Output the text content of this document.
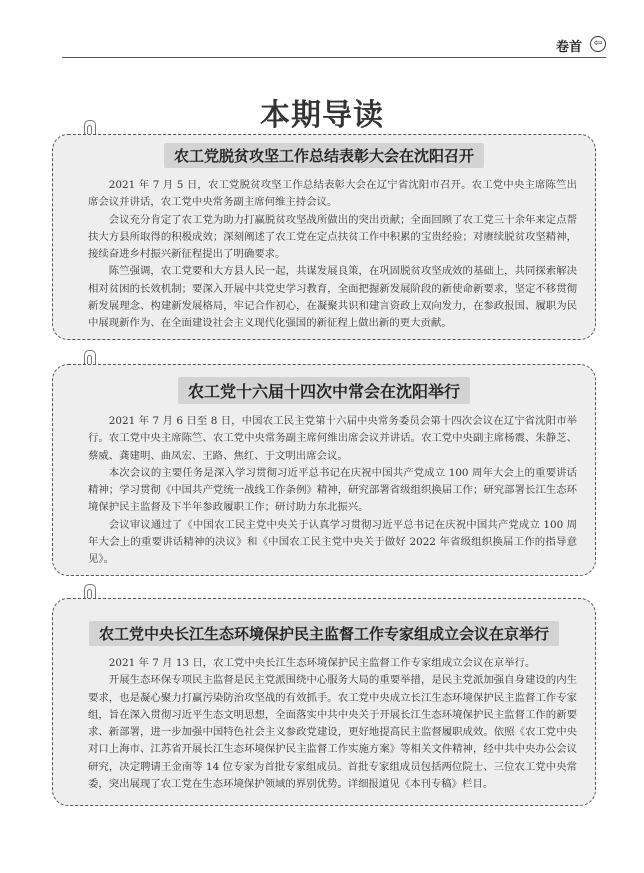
卷首	⇦
本期导读
农工党脱贫攻坚工作总结表彰大会在沈阳召开

2021 年 7 月 5 日，农工党脱贫攻坚工作总结表彰大会在辽宁省沈阳市召开。农工党中央主席陈竺出席会议并讲话，农工党中央常务副主席何维主持会议。

会议充分肯定了农工党为助力打赢脱贫攻坚战所做出的突出贡献；全面回顾了农工党三十余年来定点帮扶大方县所取得的积极成效；深刻阐述了农工党在定点扶贫工作中积累的宝贵经验；对赓续脱贫攻坚精神，接续奋进乡村振兴新征程提出了明确要求。

陈竺强调，农工党要和大方县人民一起，共谋发展良策，在巩固脱贫攻坚成效的基础上，共同探索解决相对贫困的长效机制；要深入开展中共党史学习教育，全面把握新发展阶段的新使命新要求，坚定不移贯彻新发展理念、构建新发展格局，牢记合作初心，在凝聚共识和建言资政上双向发力，在参政报国、履职为民中展现新作为、在全面建设社会主义现代化强国的新征程上做出新的更大贡献。

农工党十六届十四次中常会在沈阳举行

2021 年 7 月 6 日至 8 日，中国农工民主党第十六届中央常务委员会第十四次会议在辽宁省沈阳市举行。农工党中央主席陈竺、农工党中央常务副主席何维出席会议并讲话。农工党中央副主席杨震、朱静芝、蔡威、龚建明、曲凤宏、王路、焦红、于文明出席会议。

本次会议的主要任务是深入学习贯彻习近平总书记在庆祝中国共产党成立 100 周年大会上的重要讲话精神；学习贯彻《中国共产党统一战线工作条例》精神，研究部署省级组织换届工作；研究部署长江生态环境保护民主监督及下半年参政履职工作；研讨助力东北振兴。

会议审议通过了《中国农工民主党中央关于认真学习贯彻习近平总书记在庆祝中国共产党成立 100 周年大会上的重要讲话精神的决议》和《中国农工民主党中央关于做好 2022 年省级组织换届工作的指导意见》。

农工党中央长江生态环境保护民主监督工作专家组成立会议在京举行

2021 年 7 月 13 日，农工党中央长江生态环境保护民主监督工作专家组成立会议在京举行。

开展生态环保专项民主监督是民主党派围绕中心服务大局的重要举措，是民主党派加强自身建设的内生要求，也是凝心聚力打赢污染防治攻坚战的有效抓手。农工党中央成立长江生态环境保护民主监督工作专家组，旨在深入贯彻习近平生态文明思想，全面落实中共中央关于开展长江生态环境保护民主监督工作的新要求、新部署，进一步加强中国特色社会主义参政党建设，更好地提高民主监督履职成效。依照《农工党中央对口上海市、江苏省开展长江生态环境保护民主监督工作实施方案》等相关文件精神，经中共中央办公会议研究，决定聘请王金南等 14 位专家为首批专家组成员。首批专家组成员包括两位院士、三位农工党中央常委，突出展现了农工党在生态环境保护领域的界别优势。详细报道见《本刊专稿》栏目。
